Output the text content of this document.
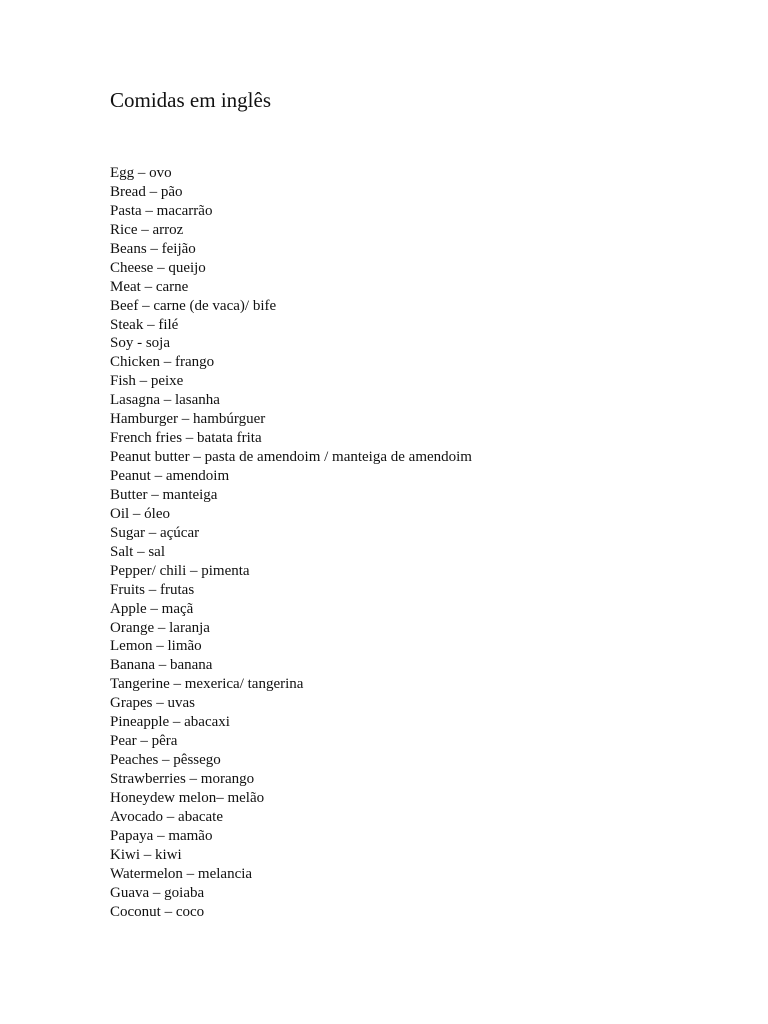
Comidas em inglês
Egg – ovo
Bread – pão
Pasta – macarrão
Rice – arroz
Beans – feijão
Cheese – queijo
Meat – carne
Beef – carne (de vaca)/ bife
Steak – filé
Soy - soja
Chicken – frango
Fish – peixe
Lasagna – lasanha
Hamburger – hambúrguer
French fries – batata frita
Peanut butter – pasta de amendoim / manteiga de amendoim
Peanut – amendoim
Butter – manteiga
Oil – óleo
Sugar – açúcar
Salt – sal
Pepper/ chili – pimenta
Fruits – frutas
Apple – maçã
Orange – laranja
Lemon – limão
Banana – banana
Tangerine – mexerica/ tangerina
Grapes – uvas
Pineapple – abacaxi
Pear – pêra
Peaches – pêssego
Strawberries – morango
Honeydew melon– melão
Avocado – abacate
Papaya – mamão
Kiwi – kiwi
Watermelon – melancia
Guava – goiaba
Coconut – coco
